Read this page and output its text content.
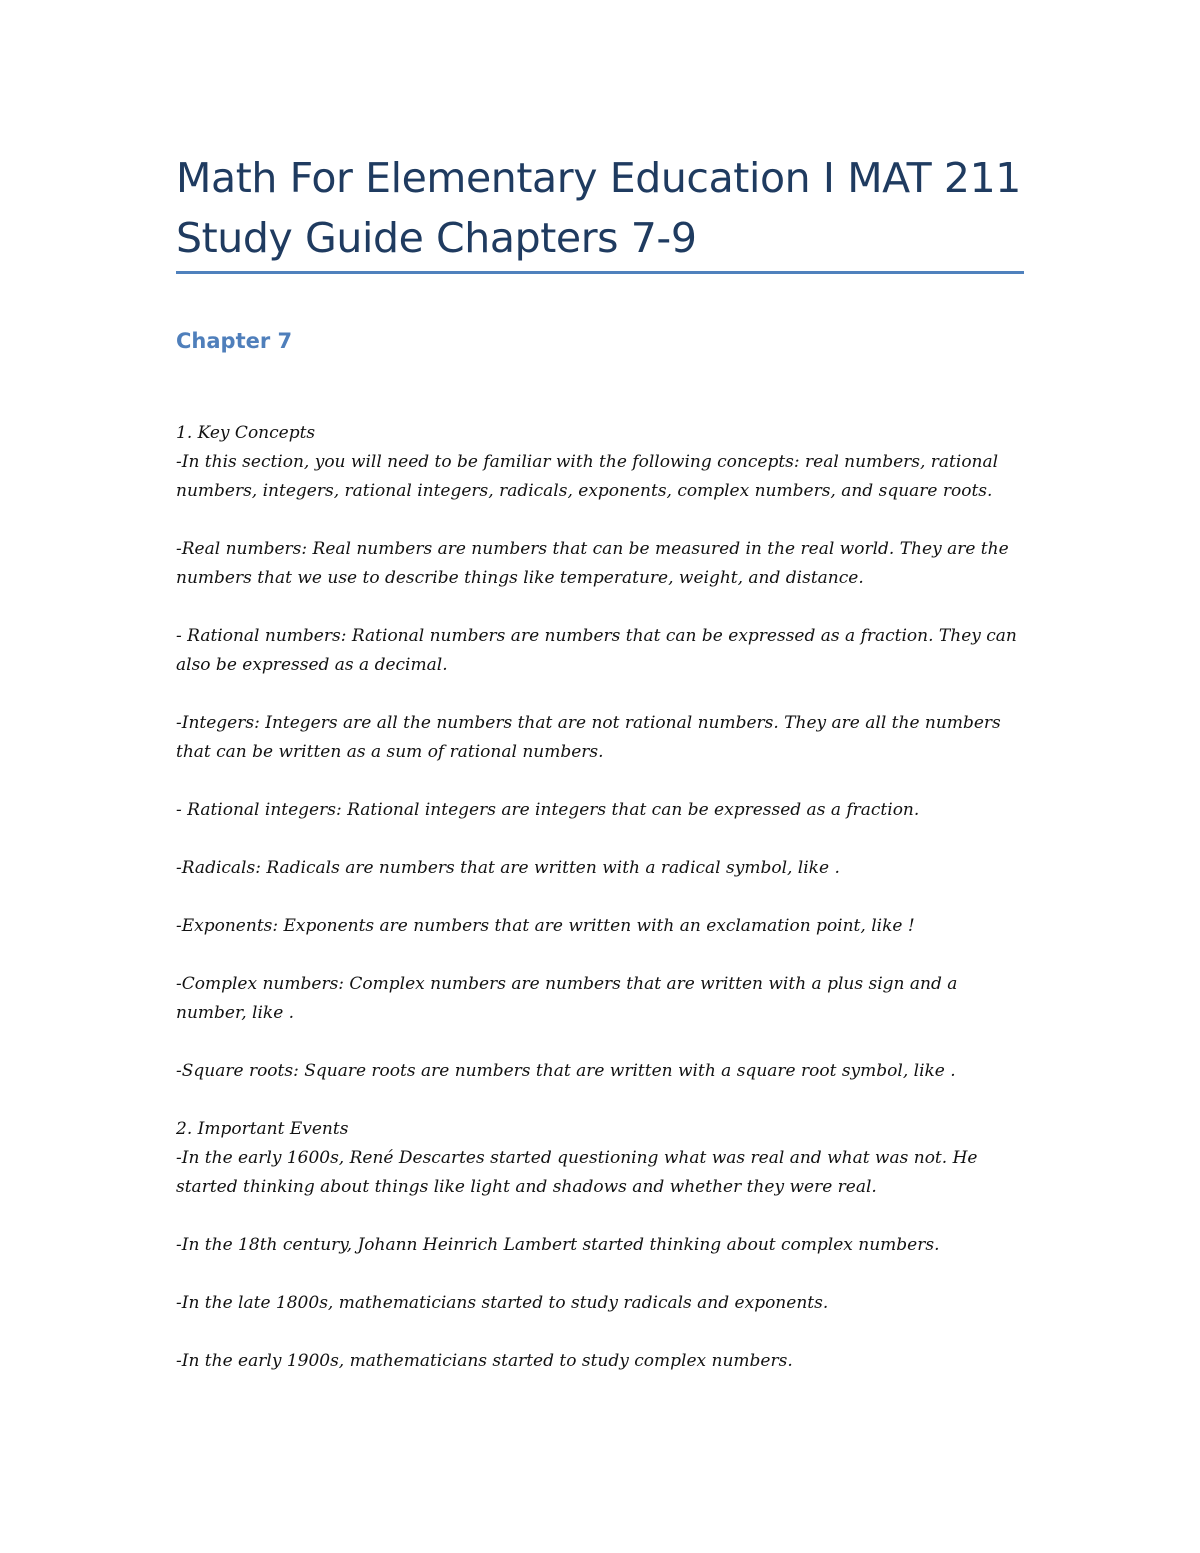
Math For Elementary Education I MAT 211 Study Guide Chapters 7-9
Chapter 7

1. Key Concepts

-In this section, you will need to be familiar with the following concepts: real numbers, rational numbers, integers, rational integers, radicals, exponents, complex numbers, and square roots.

-Real numbers: Real numbers are numbers that can be measured in the real world. They are the numbers that we use to describe things like temperature, weight, and distance.

- Rational numbers: Rational numbers are numbers that can be expressed as a fraction. They can also be expressed as a decimal.

-Integers: Integers are all the numbers that are not rational numbers. They are all the numbers that can be written as a sum of rational numbers.

- Rational integers: Rational integers are integers that can be expressed as a fraction.

-Radicals: Radicals are numbers that are written with a radical symbol, like .

-Exponents: Exponents are numbers that are written with an exclamation point, like !

-Complex numbers: Complex numbers are numbers that are written with a plus sign and a number, like .

-Square roots: Square roots are numbers that are written with a square root symbol, like .

2. Important Events

-In the early 1600s, René Descartes started questioning what was real and what was not. He started thinking about things like light and shadows and whether they were real.

-In the 18th century, Johann Heinrich Lambert started thinking about complex numbers.

-In the late 1800s, mathematicians started to study radicals and exponents.

-In the early 1900s, mathematicians started to study complex numbers.
